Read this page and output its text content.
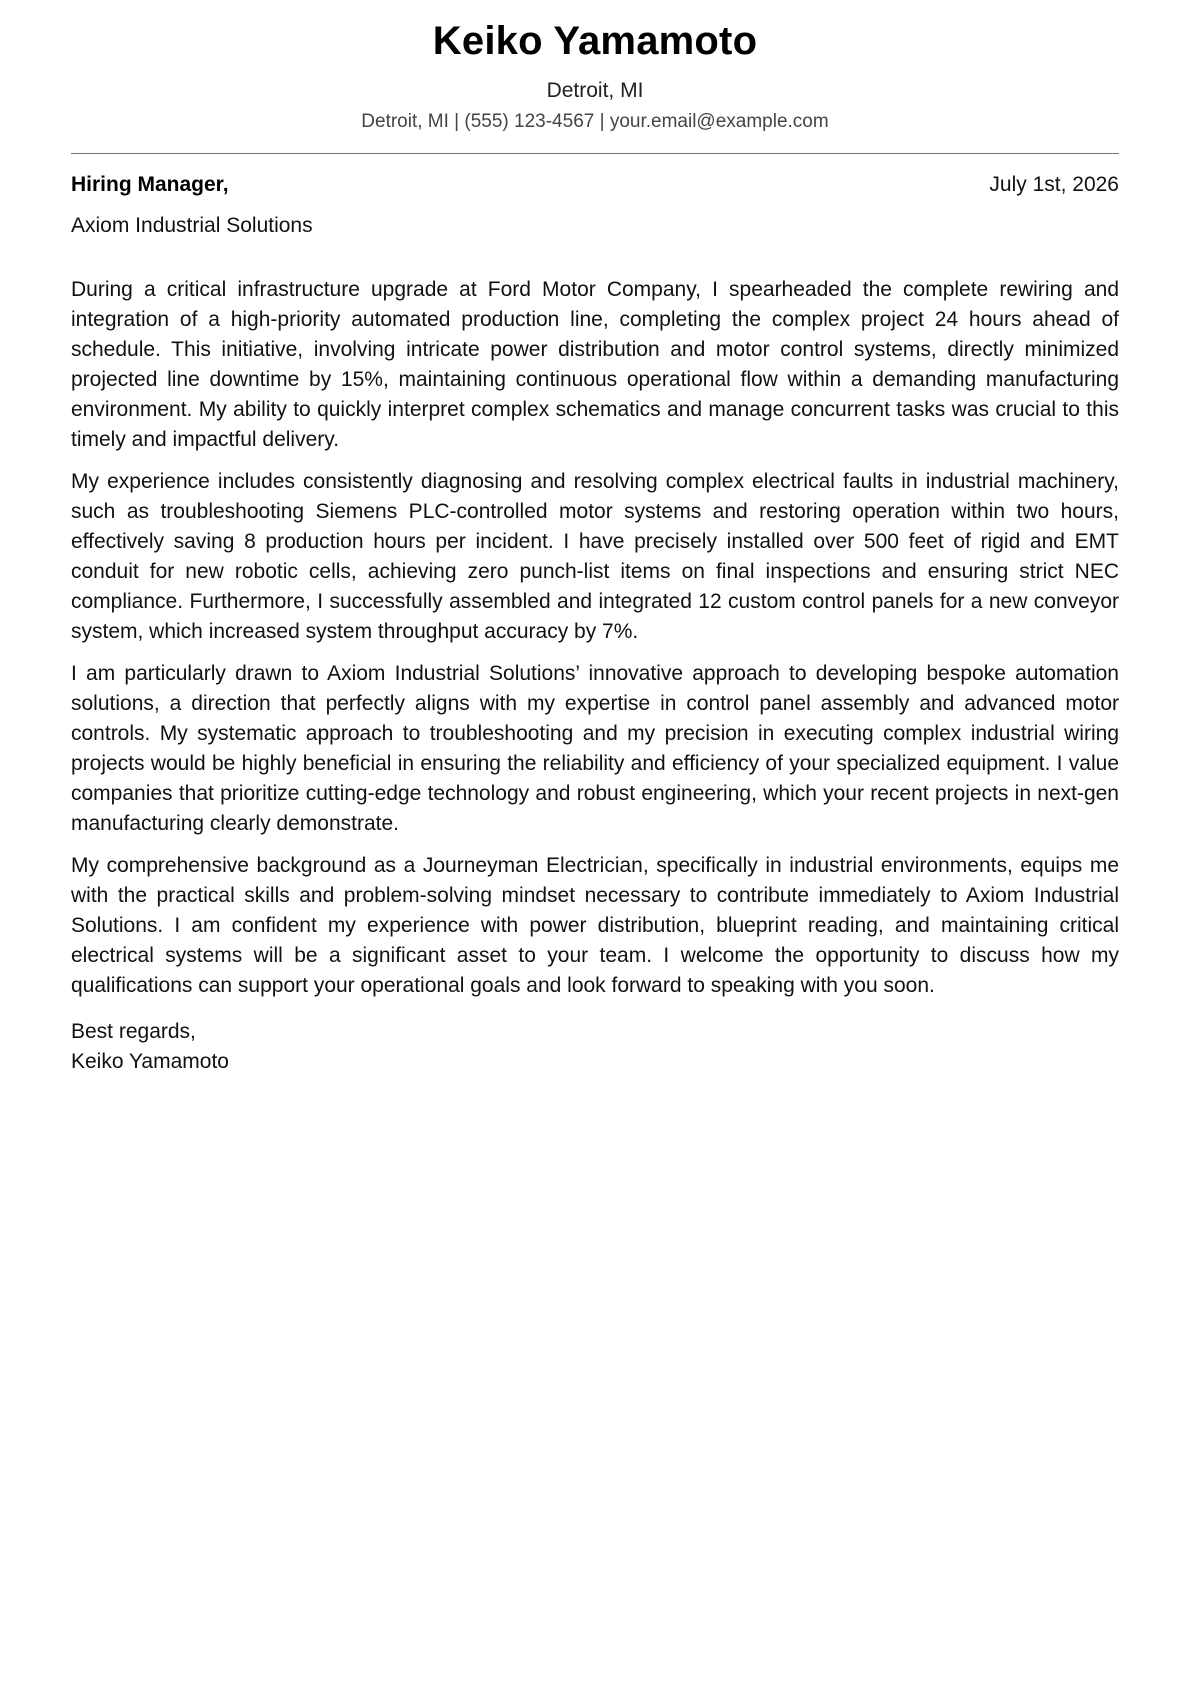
Keiko Yamamoto
Detroit, MI
Detroit, MI | (555) 123-4567 | your.email@example.com
Hiring Manager,	July 1st, 2026
Axiom Industrial Solutions

During a critical infrastructure upgrade at Ford Motor Company, I spearheaded the complete rewiring and integration of a high-priority automated production line, completing the complex project 24 hours ahead of schedule. This initiative, involving intricate power distribution and motor control systems, directly minimized projected line downtime by 15%, maintaining continuous operational flow within a demanding manufacturing environment. My ability to quickly interpret complex schematics and manage concurrent tasks was crucial to this timely and impactful delivery.

My experience includes consistently diagnosing and resolving complex electrical faults in industrial machinery, such as troubleshooting Siemens PLC-controlled motor systems and restoring operation within two hours, effectively saving 8 production hours per incident. I have precisely installed over 500 feet of rigid and EMT conduit for new robotic cells, achieving zero punch-list items on final inspections and ensuring strict NEC compliance. Furthermore, I successfully assembled and integrated 12 custom control panels for a new conveyor system, which increased system throughput accuracy by 7%.

I am particularly drawn to Axiom Industrial Solutions’ innovative approach to developing bespoke automation solutions, a direction that perfectly aligns with my expertise in control panel assembly and advanced motor controls. My systematic approach to troubleshooting and my precision in executing complex industrial wiring projects would be highly beneficial in ensuring the reliability and efficiency of your specialized equipment. I value companies that prioritize cutting-edge technology and robust engineering, which your recent projects in next-gen manufacturing clearly demonstrate.

My comprehensive background as a Journeyman Electrician, specifically in industrial environments, equips me with the practical skills and problem-solving mindset necessary to contribute immediately to Axiom Industrial Solutions. I am confident my experience with power distribution, blueprint reading, and maintaining critical electrical systems will be a significant asset to your team. I welcome the opportunity to discuss how my qualifications can support your operational goals and look forward to speaking with you soon.

Best regards,
Keiko Yamamoto
